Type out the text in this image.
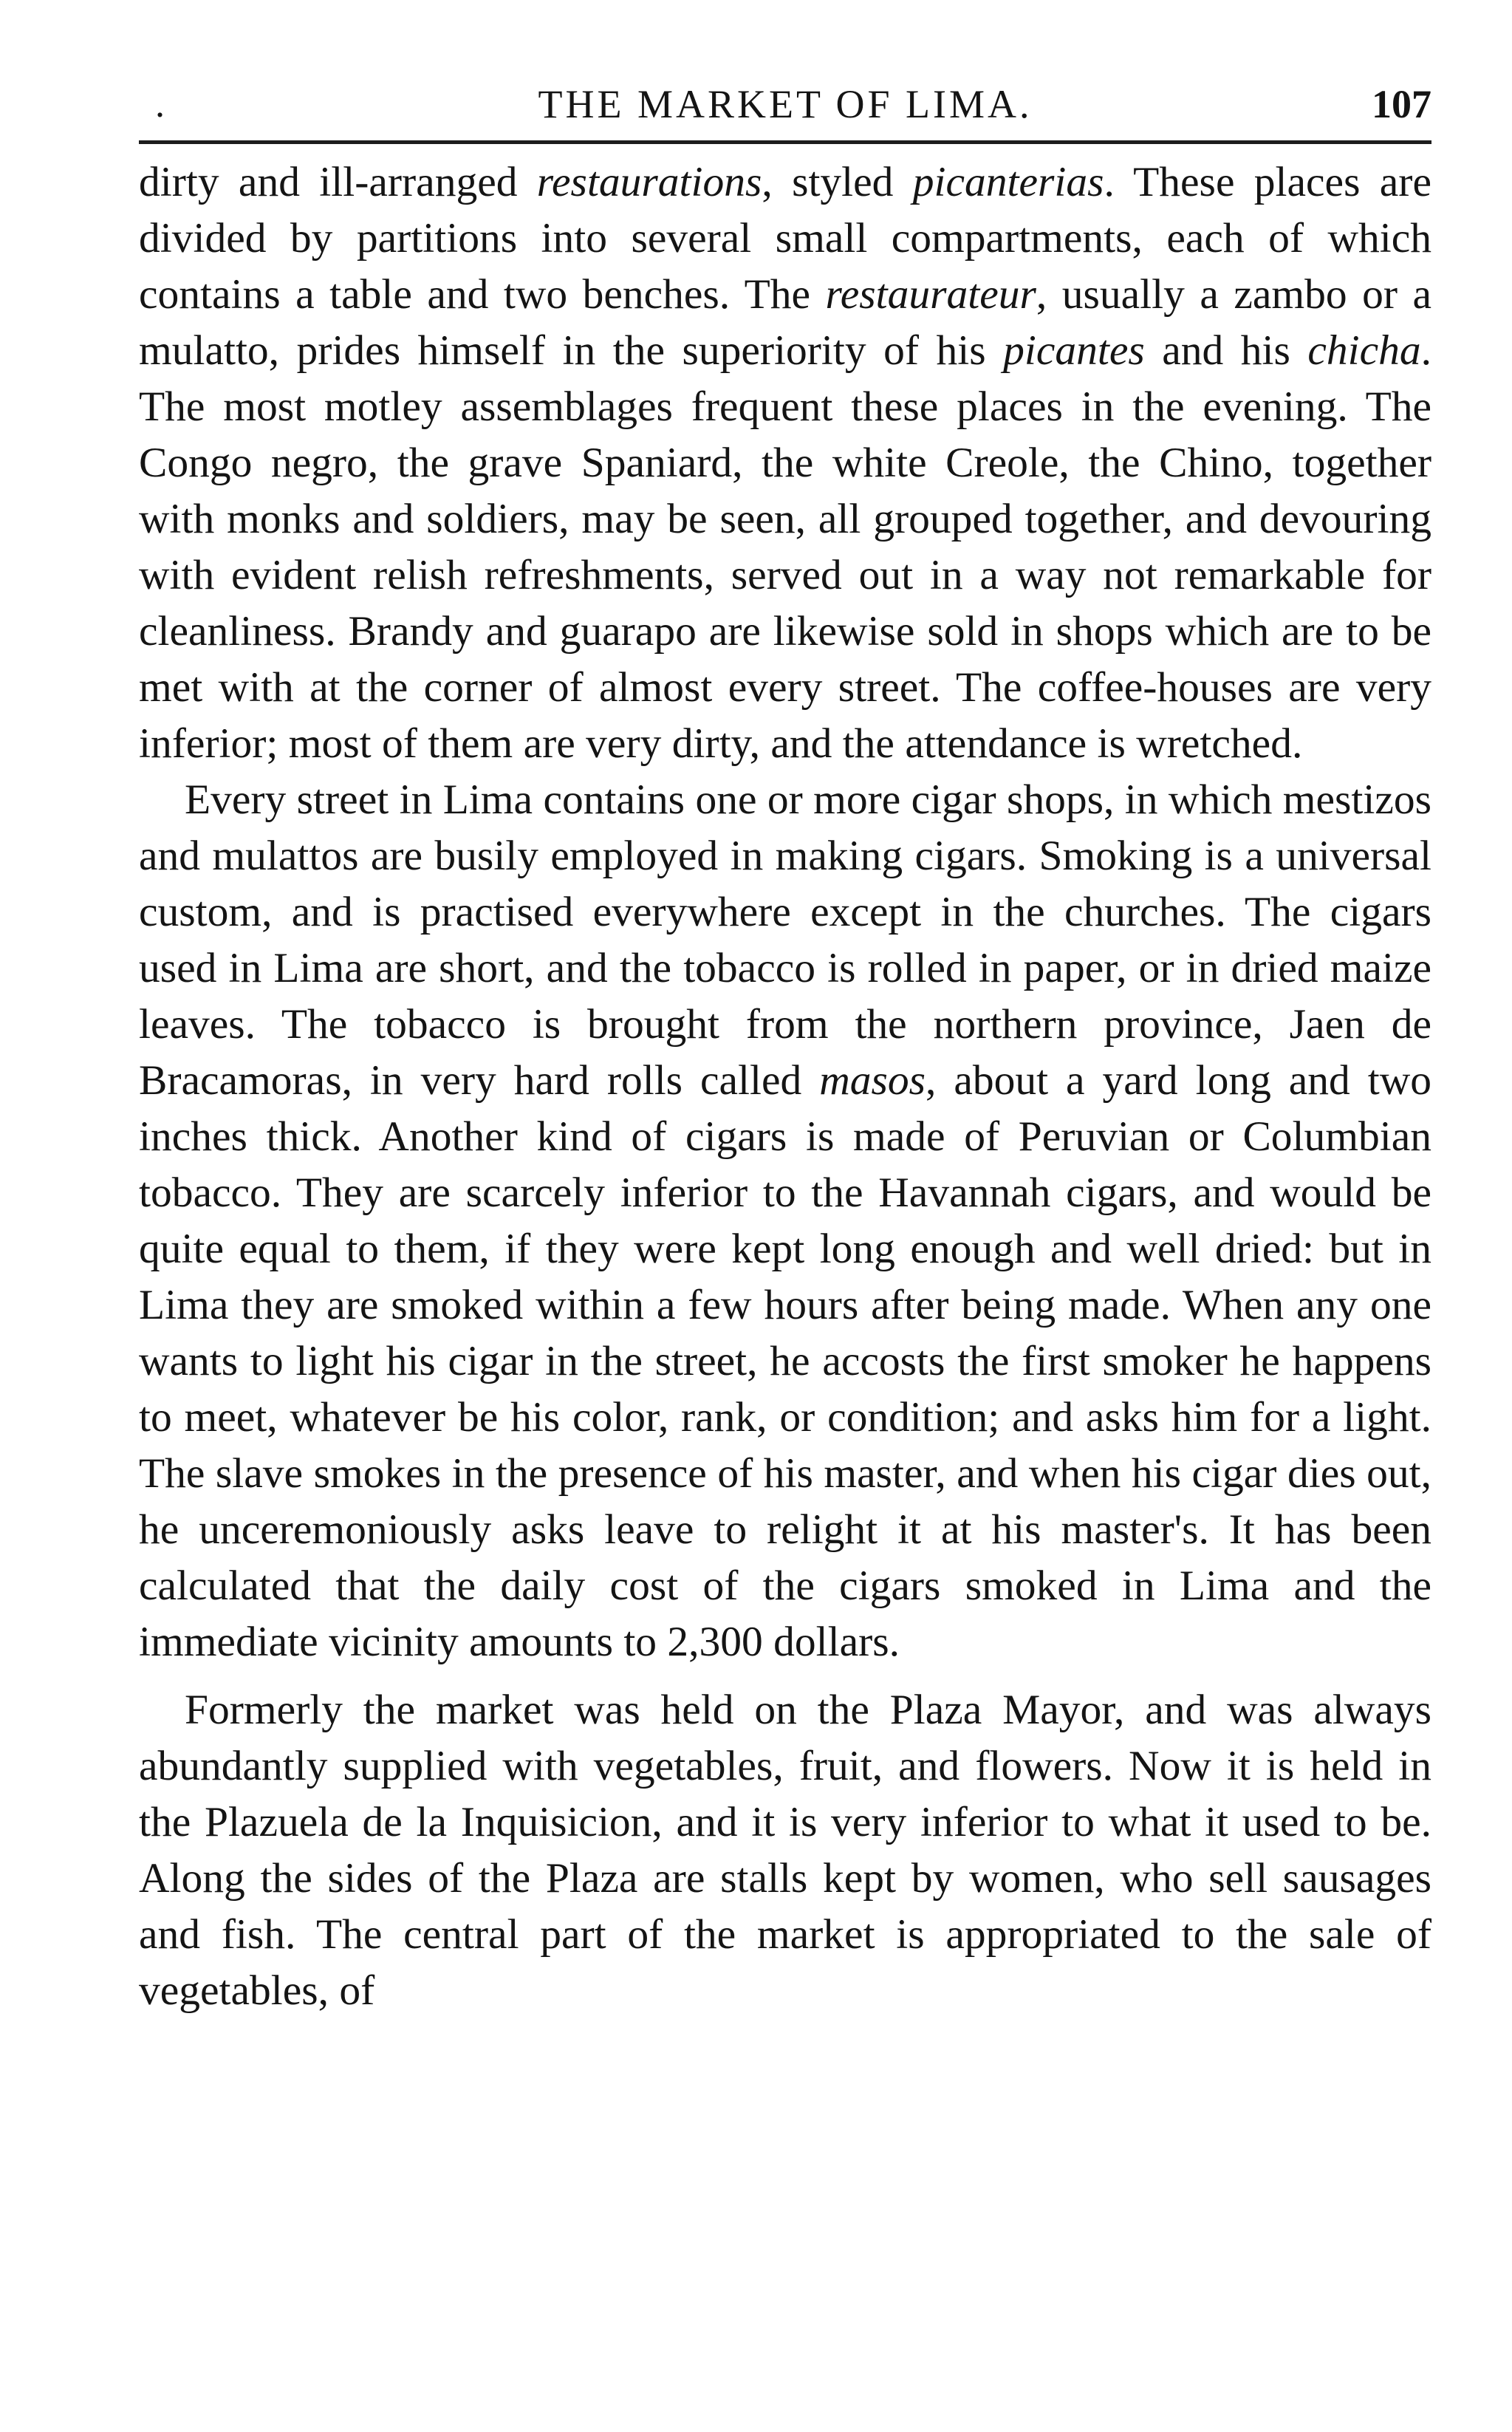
.	THE MARKET OF LIMA.	107

dirty and ill-arranged restaurations, styled picanterias. These places are divided by partitions into several small compartments, each of which contains a table and two benches. The restaurateur, usually a zambo or a mulatto, prides himself in the superiority of his picantes and his chicha. The most motley assemblages frequent these places in the evening. The Congo negro, the grave Spaniard, the white Creole, the Chino, together with monks and soldiers, may be seen, all grouped together, and devouring with evident relish refreshments, served out in a way not remarkable for cleanliness. Brandy and guarapo are likewise sold in shops which are to be met with at the corner of almost every street. The coffee-houses are very inferior; most of them are very dirty, and the attendance is wretched.

Every street in Lima contains one or more cigar shops, in which mestizos and mulattos are busily employed in making cigars. Smoking is a universal custom, and is practised everywhere except in the churches. The cigars used in Lima are short, and the tobacco is rolled in paper, or in dried maize leaves. The tobacco is brought from the northern province, Jaen de Bracamoras, in very hard rolls called masos, about a yard long and two inches thick. Another kind of cigars is made of Peruvian or Columbian tobacco. They are scarcely inferior to the Havannah cigars, and would be quite equal to them, if they were kept long enough and well dried: but in Lima they are smoked within a few hours after being made. When any one wants to light his cigar in the street, he accosts the first smoker he happens to meet, whatever be his color, rank, or condition; and asks him for a light. The slave smokes in the presence of his master, and when his cigar dies out, he unceremoniously asks leave to relight it at his master's. It has been calculated that the daily cost of the cigars smoked in Lima and the immediate vicinity amounts to 2,300 dollars.

Formerly the market was held on the Plaza Mayor, and was always abundantly supplied with vegetables, fruit, and flowers. Now it is held in the Plazuela de la Inquisicion, and it is very inferior to what it used to be. Along the sides of the Plaza are stalls kept by women, who sell sausages and fish. The central part of the market is appropriated to the sale of vegetables, of
